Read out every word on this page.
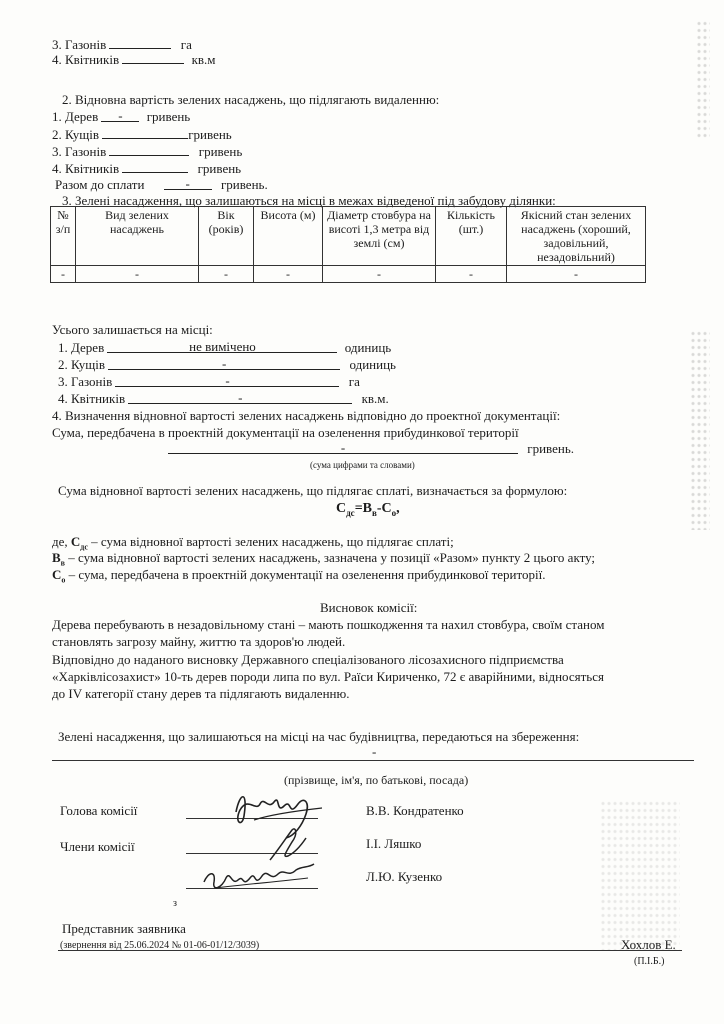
3. Газонів	га
4. Квітників	кв.м
2. Відновна вартість зелених насаджень, що підлягають видаленню:
1. Дерев - гривень
2. Кущів	гривень
3. Газонів	гривень
4. Квітників	гривень
Разом до сплати	- гривень.
3. Зелені насадження, що залишаються на місці в межах відведеної під забудову ділянки:
№ з/п	Вид зелених насаджень	Вік (років)	Висота (м)	Діаметр стовбура на висоті 1,3 метра від землі (см)	Кількість (шт.)	Якісний стан зелених насаджень (хороший, задовільний, незадовільний)
-	-	-	-	-	-	-
Усього залишається на місці:
1. Дерев	не вимічено	одиниць
2. Кущів	-	одиниць
3. Газонів	-	га
4. Квітників	-	кв.м.
4. Визначення відновної вартості зелених насаджень відповідно до проектної документації:
Сума, передбачена в проектній документації на озеленення прибудинкової території
-	гривень.
(сума цифрами та словами)
Сума відновної вартості зелених насаджень, що підлягає сплаті, визначається за формулою:
$С_{дс}=В_в-С_о$,
де, $С_{дс}$ – сума відновної вартості зелених насаджень, що підлягає сплаті;
$В_в$ – сума відновної вартості зелених насаджень, зазначена у позиції «Разом» пункту 2 цього акту;
$С_о$ – сума, передбачена в проектній документації на озеленення прибудинкової території.
Висновок комісії:
Дерева перебувають в незадовільному стані – мають пошкодження та нахил стовбура, своїм станом
становлять загрозу майну, життю та здоров'ю людей.
Відповідно до наданого висновку Державного спеціалізованого лісозахисного підприємства
«Харківлісозахист» 10-ть дерев породи липа по вул. Раїси Кириченко, 72 є аварійними, відносяться
до IV категорії стану дерев та підлягають видаленню.
Зелені насадження, що залишаються на місці на час будівництва, передаються на збереження:
-
(прізвище, ім'я, по батькові, посада)
Голова комісії	В.В. Кондратенко
Члени комісії	І.І. Ляшко
Л.Ю. Кузенко
з
Представник заявника
(звернення від 25.06.2024 № 01-06-01/12/3039)	Хохлов Е.
(П.І.Б.)
